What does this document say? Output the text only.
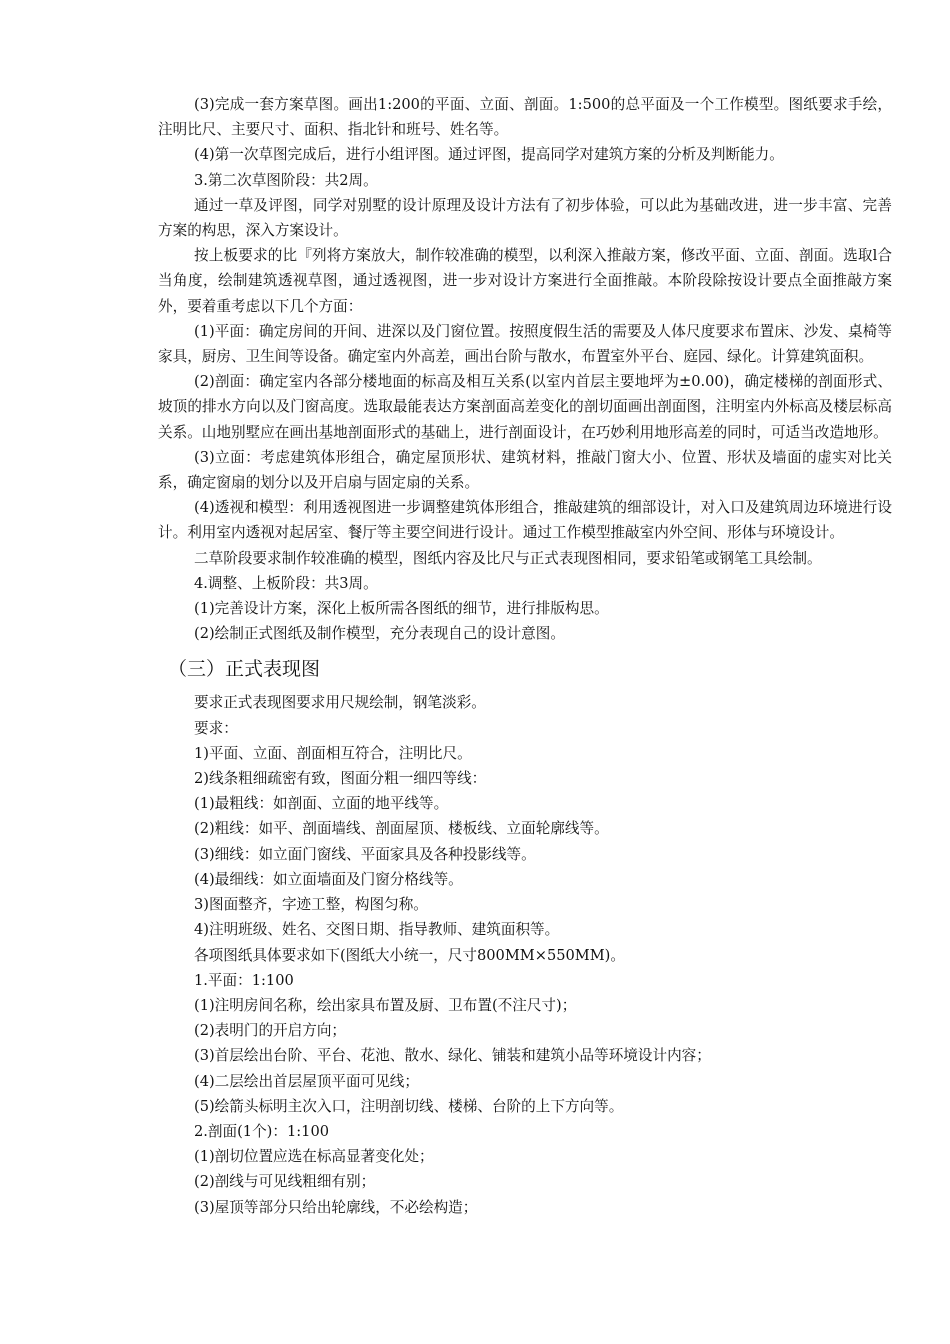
(3)完成一套方案草图。画出1:200的平面、立面、剖面。1:500的总平面及一个工作模型。图纸要求手绘，注明比尺、主要尺寸、面积、指北针和班号、姓名等。

(4)第一次草图完成后，进行小组评图。通过评图，提高同学对建筑方案的分析及判断能力。

3.第二次草图阶段：共2周。

通过一草及评图，同学对别墅的设计原理及设计方法有了初步体验，可以此为基础改进，进一步丰富、完善方案的构思，深入方案设计。

按上板要求的比『列将方案放大，制作较准确的模型，以利深入推敲方案，修改平面、立面、剖面。选取l合当角度，绘制建筑透视草图，通过透视图，进一步对设计方案进行全面推敲。本阶段除按设计要点全面推敲方案外，要着重考虑以下几个方面：

(1)平面：确定房间的开间、进深以及门窗位置。按照度假生活的需要及人体尺度要求布置床、沙发、桌椅等家具，厨房、卫生间等设备。确定室内外高差，画出台阶与散水，布置室外平台、庭园、绿化。计算建筑面积。

(2)剖面：确定室内各部分楼地面的标高及相互关系(以室内首层主要地坪为±0.00)，确定楼梯的剖面形式、坡顶的排水方向以及门窗高度。选取最能表达方案剖面高差变化的剖切面画出剖面图，注明室内外标高及楼层标高关系。山地别墅应在画出基地剖面形式的基础上，进行剖面设计，在巧妙利用地形高差的同时，可适当改造地形。

(3)立面：考虑建筑体形组合，确定屋顶形状、建筑材料，推敲门窗大小、位置、形状及墙面的虚实对比关系，确定窗扇的划分以及开启扇与固定扇的关系。

(4)透视和模型：利用透视图进一步调整建筑体形组合，推敲建筑的细部设计，对入口及建筑周边环境进行设计。利用室内透视对起居室、餐厅等主要空间进行设计。通过工作模型推敲室内外空间、形体与环境设计。

二草阶段要求制作较准确的模型，图纸内容及比尺与正式表现图相同，要求铅笔或钢笔工具绘制。

4.调整、上板阶段：共3周。

(1)完善设计方案，深化上板所需各图纸的细节，进行排版构思。

(2)绘制正式图纸及制作模型，充分表现自己的设计意图。

（三）正式表现图

要求正式表现图要求用尺规绘制，钢笔淡彩。

要求：

1)平面、立面、剖面相互符合，注明比尺。

2)线条粗细疏密有致，图面分粗一细四等线：

(1)最粗线：如剖面、立面的地平线等。

(2)粗线：如平、剖面墙线、剖面屋顶、楼板线、立面轮廓线等。

(3)细线：如立面门窗线、平面家具及各种投影线等。

(4)最细线：如立面墙面及门窗分格线等。

3)图面整齐，字迹工整，构图匀称。

4)注明班级、姓名、交图日期、指导教师、建筑面积等。

各项图纸具体要求如下(图纸大小统一，尺寸800MM×550MM)。

1.平面：1:100

(1)注明房间名称，绘出家具布置及厨、卫布置(不注尺寸)；

(2)表明门的开启方向；

(3)首层绘出台阶、平台、花池、散水、绿化、铺装和建筑小品等环境设计内容；

(4)二层绘出首层屋顶平面可见线；

(5)绘箭头标明主次入口，注明剖切线、楼梯、台阶的上下方向等。

2.剖面(1个)：1:100

(1)剖切位置应选在标高显著变化处；

(2)剖线与可见线粗细有别；

(3)屋顶等部分只给出轮廓线，不必绘构造；
